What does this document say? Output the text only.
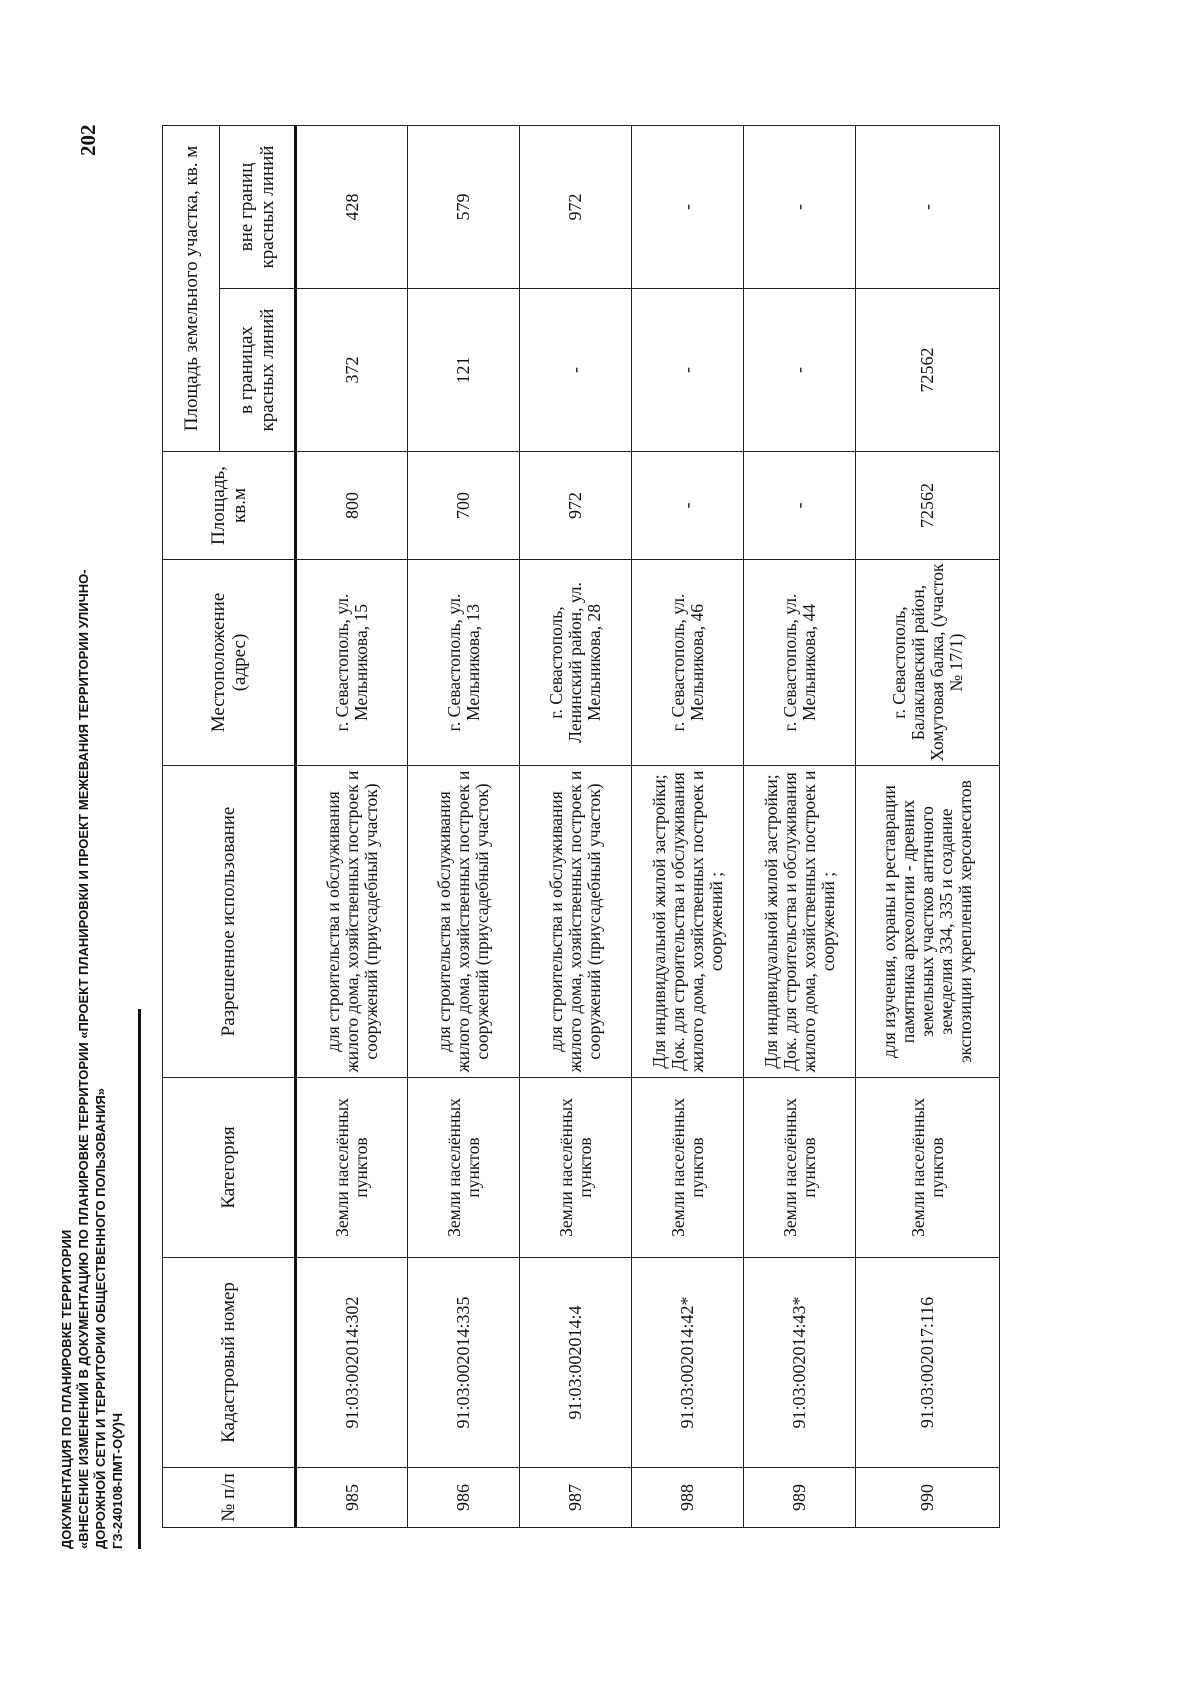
202
ДОКУМЕНТАЦИЯ ПО ПЛАНИРОВКЕ ТЕРРИТОРИИ «ВНЕСЕНИЕ ИЗМЕНЕНИЙ В ДОКУМЕНТАЦИЮ ПО ПЛАНИРОВКЕ ТЕРРИТОРИИ «ПРОЕКТ ПЛАНИРОВКИ И ПРОЕКТ МЕЖЕВАНИЯ ТЕРРИТОРИИ УЛИЧНО- ДОРОЖНОЙ СЕТИ И ТЕРРИТОРИИ ОБЩЕСТВЕННОГО ПОЛЬЗОВАНИЯ» ГЗ-240108-ПМТ-О(У)Ч	№ п/п	Кадастровый номер	Категория	Разрешенное использование	Местоположение (адрес)	Площадь, кв.м	Площадь земельного участка, кв. м	
						в границах красных линий	вне границ красных линий
985	91:03:002014:302	Земли населённых пунктов	для строительства и обслуживания жилого дома, хозяйственных построек и сооружений (приусадебный участок)	г. Севастополь, ул. Мельникова, 15	800	372	428
986	91:03:002014:335	Земли населённых пунктов	для строительства и обслуживания жилого дома, хозяйственных построек и сооружений (приусадебный участок)	г. Севастополь, ул. Мельникова, 13	700	121	579
987	91:03:002014:4	Земли населённых пунктов	для строительства и обслуживания жилого дома, хозяйственных построек и сооружений (приусадебный участок)	г. Севастополь, Ленинский район, ул. Мельникова, 28	972	-	972
988	91:03:002014:42*	Земли населённых пунктов	Для индивидуальной жилой застройки; Док. для строительства и обслуживания жилого дома, хозяйственных построек и сооружений ;	г. Севастополь, ул. Мельникова, 46	-	-	-
989	91:03:002014:43*	Земли населённых пунктов	Для индивидуальной жилой застройки; Док. для строительства и обслуживания жилого дома, хозяйственных построек и сооружений ;	г. Севастополь, ул. Мельникова, 44	-	-	-
990	91:03:002017:116	Земли населённых пунктов	для изучения, охраны и реставрации памятника археологии - древних земельных участков античного земеделия 334, 335 и создание экспозиции укреплений херсонеситов	г. Севастополь, Балаклавский район, Хомутовая балка, (участок № 17/1)	72562	72562	-
